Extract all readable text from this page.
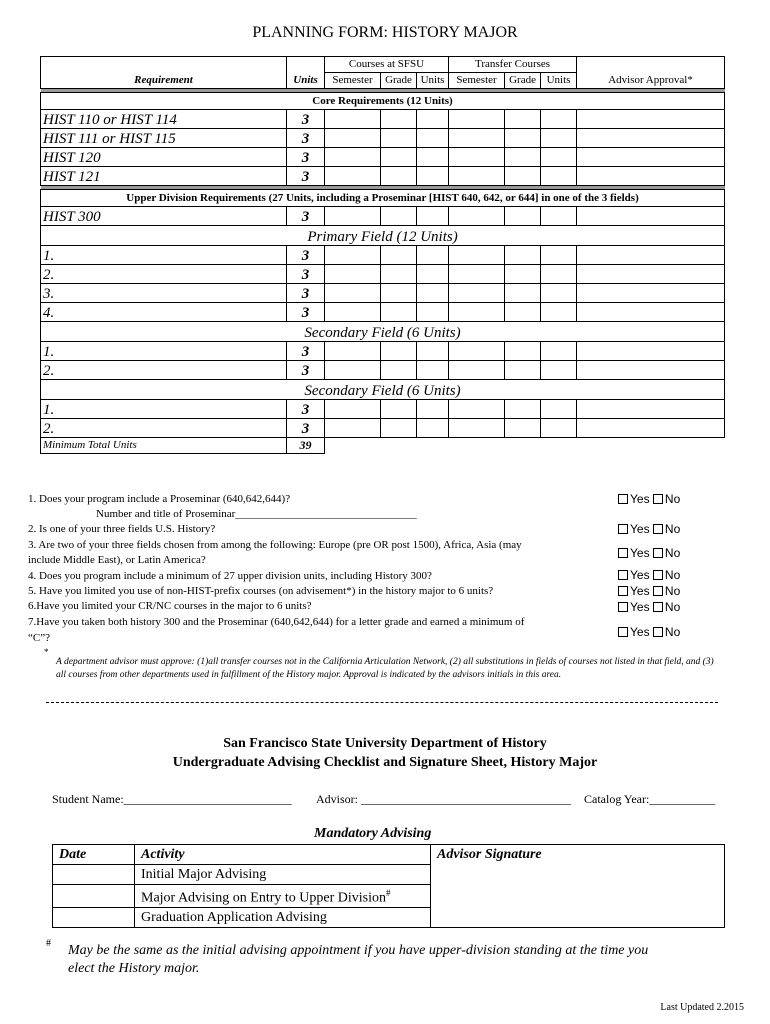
PLANNING FORM: HISTORY MAJOR
		Courses at SFSU			Transfer Courses			
Requirement	Units	Semester	Grade	Units	Semester	Grade	Units	Advisor Approval*

Core Requirements (12 Units)								
HIST 110 or HIST 114	3							
HIST 111 or HIST 115	3							
HIST 120	3							
HIST 121	3							

Upper Division Requirements (27 Units, including a Proseminar [HIST 640, 642, or 644] in one of the 3 fields)								
HIST 300	3							
Primary Field (12 Units)								
1.	3							
2.	3							
3.	3							
4.	3							
Secondary Field (6 Units)								
1.	3							
2.	3							
Secondary Field (6 Units)								
1.	3							
2.	3							
Minimum Total Units	39							
1. Does your program include a Proseminar (640,642,644)?
Number and title of Proseminar_________________________________
2. Is one of your three fields U.S. History?
3. Are two of your three fields chosen from among the following: Europe (pre OR post 1500), Africa, Asia (may
include Middle East), or Latin America?
4. Does you program include a minimum of 27 upper division units, including History 300?
5. Have you limited you use of non-HIST-prefix courses (on advisement*) in the history major to 6 units?
6.Have you limited your CR/NC courses in the major to 6 units?
7.Have you taken both history 300 and the Proseminar (640,642,644) for a letter grade and earned a minimum of
“C”?
*
Yes No
Yes No
Yes No
Yes No
Yes No
Yes No
Yes No
A department advisor must approve: (1)all transfer courses not in the California Articulation Network, (2) all substitutions in fields of courses not listed in that field, and (3) all courses from other departments used in fulfillment of the History major. Approval is indicated by the advisors initials in this area.
San Francisco State University Department of History
Undergraduate Advising Checklist and Signature Sheet, History Major
Student Name:____________________________ Advisor: ___________________________________ Catalog Year:___________
Mandatory Advising
Date	Activity	Advisor Signature
	Initial Major Advising	
	Major Advising on Entry to Upper Division#	
	Graduation Application Advising	
# May be the same as the initial advising appointment if you have upper-division standing at the time you
elect the History major.
Last Updated 2.2015
